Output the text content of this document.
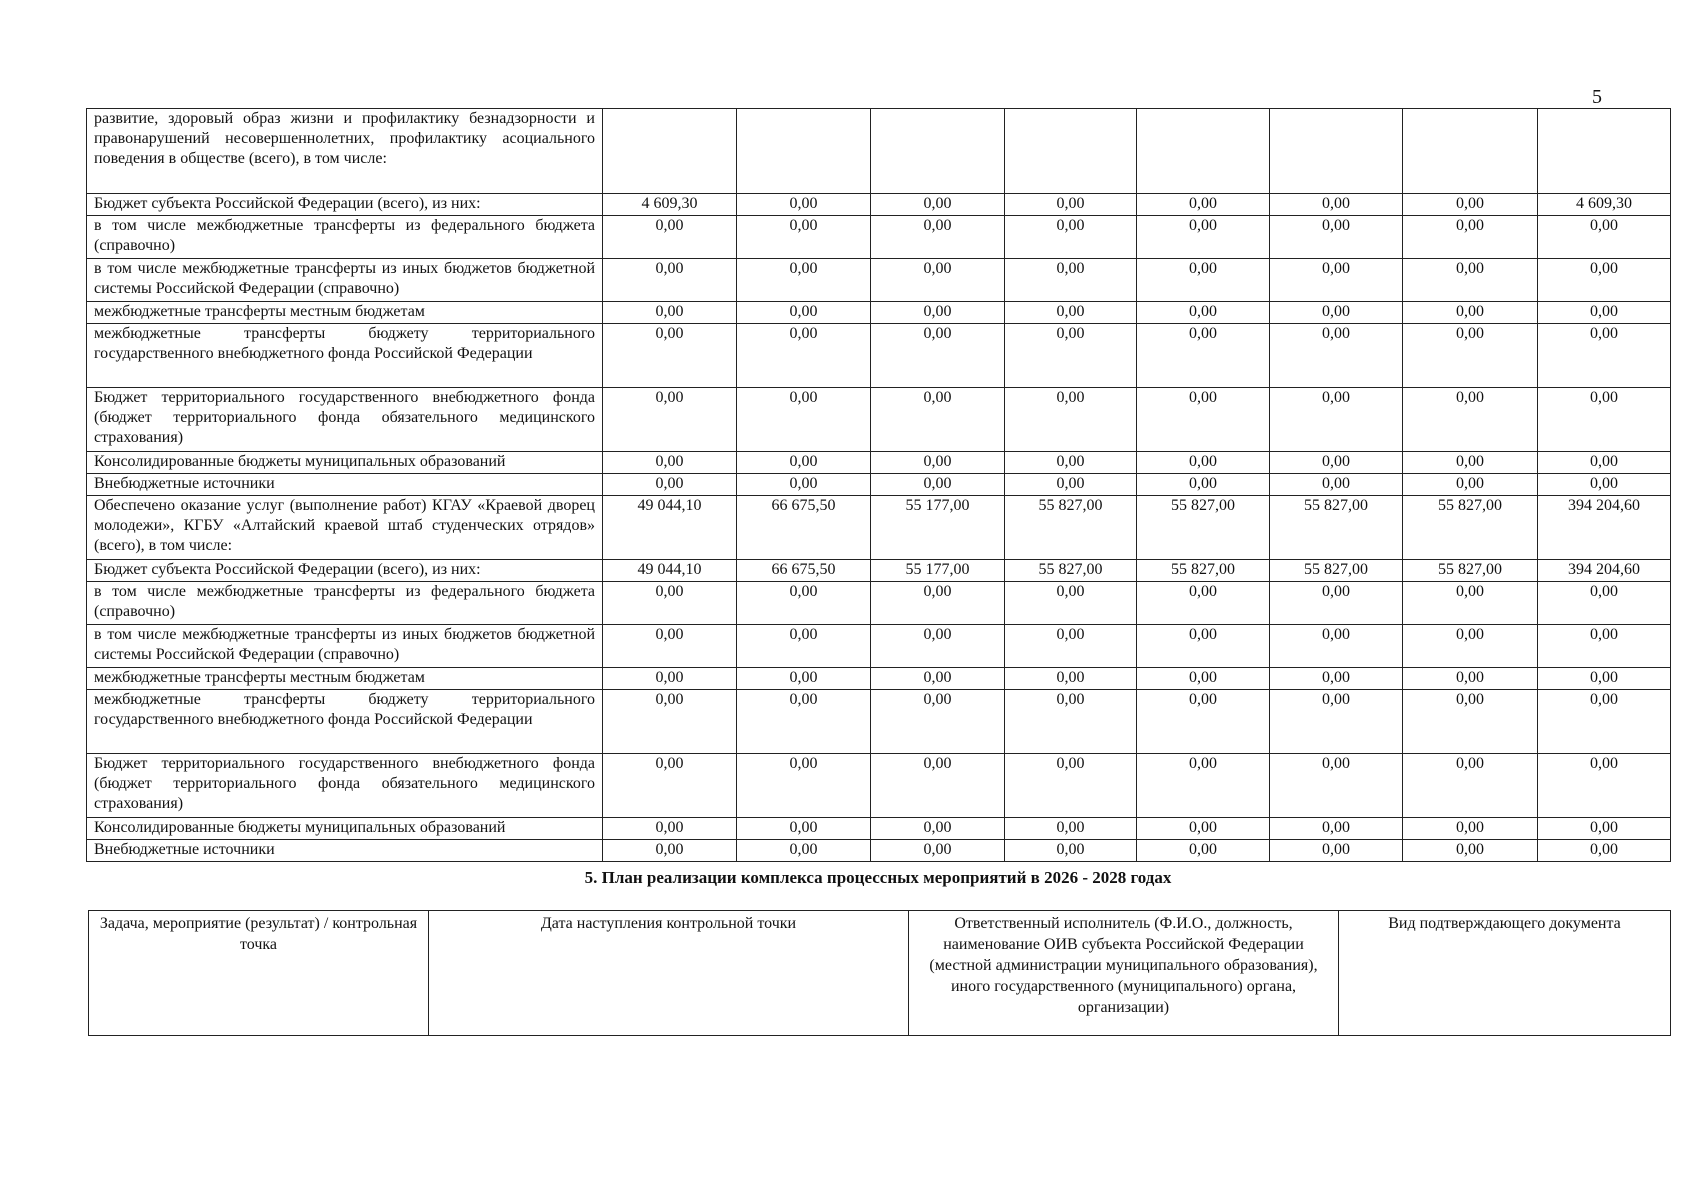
5
развитие, здоровый образ жизни и профилактику безнадзорности и правонарушений несовершеннолетних, профилактику асоциального поведения в обществе (всего), в том числе:								
Бюджет субъекта Российской Федерации (всего), из них:	4 609,30	0,00	0,00	0,00	0,00	0,00	0,00	4 609,30
в том числе межбюджетные трансферты из федерального бюджета (справочно)	0,00	0,00	0,00	0,00	0,00	0,00	0,00	0,00
в том числе межбюджетные трансферты из иных бюджетов бюджетной системы Российской Федерации (справочно)	0,00	0,00	0,00	0,00	0,00	0,00	0,00	0,00
межбюджетные трансферты местным бюджетам	0,00	0,00	0,00	0,00	0,00	0,00	0,00	0,00
межбюджетные трансферты бюджету территориального государственного внебюджетного фонда Российской Федерации	0,00	0,00	0,00	0,00	0,00	0,00	0,00	0,00
Бюджет территориального государственного внебюджетного фонда (бюджет территориального фонда обязательного медицинского страхования)	0,00	0,00	0,00	0,00	0,00	0,00	0,00	0,00
Консолидированные бюджеты муниципальных образований	0,00	0,00	0,00	0,00	0,00	0,00	0,00	0,00
Внебюджетные источники	0,00	0,00	0,00	0,00	0,00	0,00	0,00	0,00
Обеспечено оказание услуг (выполнение работ) КГАУ «Краевой дворец молодежи», КГБУ «Алтайский краевой штаб студенческих отрядов» (всего), в том числе:	49 044,10	66 675,50	55 177,00	55 827,00	55 827,00	55 827,00	55 827,00	394 204,60
Бюджет субъекта Российской Федерации (всего), из них:	49 044,10	66 675,50	55 177,00	55 827,00	55 827,00	55 827,00	55 827,00	394 204,60
в том числе межбюджетные трансферты из федерального бюджета (справочно)	0,00	0,00	0,00	0,00	0,00	0,00	0,00	0,00
в том числе межбюджетные трансферты из иных бюджетов бюджетной системы Российской Федерации (справочно)	0,00	0,00	0,00	0,00	0,00	0,00	0,00	0,00
межбюджетные трансферты местным бюджетам	0,00	0,00	0,00	0,00	0,00	0,00	0,00	0,00
межбюджетные трансферты бюджету территориального государственного внебюджетного фонда Российской Федерации	0,00	0,00	0,00	0,00	0,00	0,00	0,00	0,00
Бюджет территориального государственного внебюджетного фонда (бюджет территориального фонда обязательного медицинского страхования)	0,00	0,00	0,00	0,00	0,00	0,00	0,00	0,00
Консолидированные бюджеты муниципальных образований	0,00	0,00	0,00	0,00	0,00	0,00	0,00	0,00
Внебюджетные источники	0,00	0,00	0,00	0,00	0,00	0,00	0,00	0,00
5. План реализации комплекса процессных мероприятий в 2026 - 2028 годах
Задача, мероприятие (результат) / контрольная точка	Дата наступления контрольной точки	Ответственный исполнитель (Ф.И.О., должность, наименование ОИВ субъекта Российской Федерации (местной администрации муниципального образования), иного государственного (муниципального) органа, организации)	Вид подтверждающего документа
